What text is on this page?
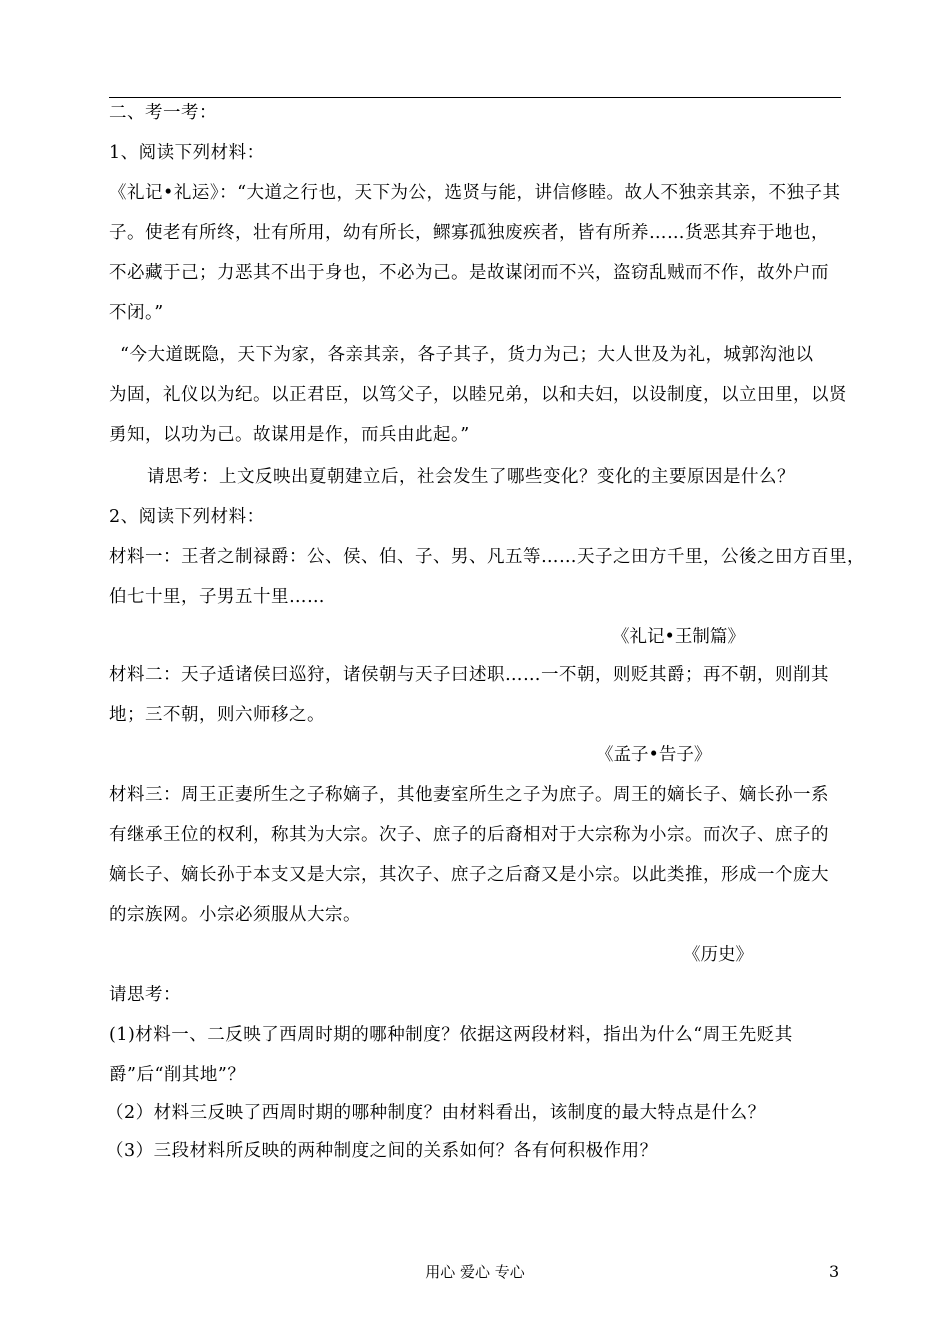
二、考一考：
1、阅读下列材料：
《礼记•礼运》：“大道之行也，天下为公，选贤与能，讲信修睦。故人不独亲其亲，不独子其
子。使老有所终，壮有所用，幼有所长，鳏寡孤独废疾者，皆有所养……货恶其弃于地也，
不必藏于己；力恶其不出于身也，不必为己。是故谋闭而不兴，盗窃乱贼而不作，故外户而
不闭。”
“今大道既隐，天下为家，各亲其亲，各子其子，货力为己；大人世及为礼，城郭沟池以
为固，礼仪以为纪。以正君臣，以笃父子，以睦兄弟，以和夫妇，以设制度，以立田里，以贤
勇知，以功为己。故谋用是作，而兵由此起。”
请思考：上文反映出夏朝建立后，社会发生了哪些变化？变化的主要原因是什么？
2、阅读下列材料：
材料一：王者之制禄爵：公、侯、伯、子、男、凡五等……天子之田方千里，公後之田方百里，
伯七十里，子男五十里……
《礼记•王制篇》
材料二：天子适诸侯曰巡狩，诸侯朝与天子曰述职……一不朝，则贬其爵；再不朝，则削其
地；三不朝，则六师移之。
《孟子•告子》
材料三：周王正妻所生之子称嫡子，其他妻室所生之子为庶子。周王的嫡长子、嫡长孙一系
有继承王位的权利，称其为大宗。次子、庶子的后裔相对于大宗称为小宗。而次子、庶子的
嫡长子、嫡长孙于本支又是大宗，其次子、庶子之后裔又是小宗。以此类推，形成一个庞大
的宗族网。小宗必须服从大宗。
《历史》
请思考：
(1)材料一、二反映了西周时期的哪种制度？依据这两段材料，指出为什么“周王先贬其
爵”后“削其地”？
（2）材料三反映了西周时期的哪种制度？由材料看出，该制度的最大特点是什么？
（3）三段材料所反映的两种制度之间的关系如何？各有何积极作用？
用心 爱心 专心	3
